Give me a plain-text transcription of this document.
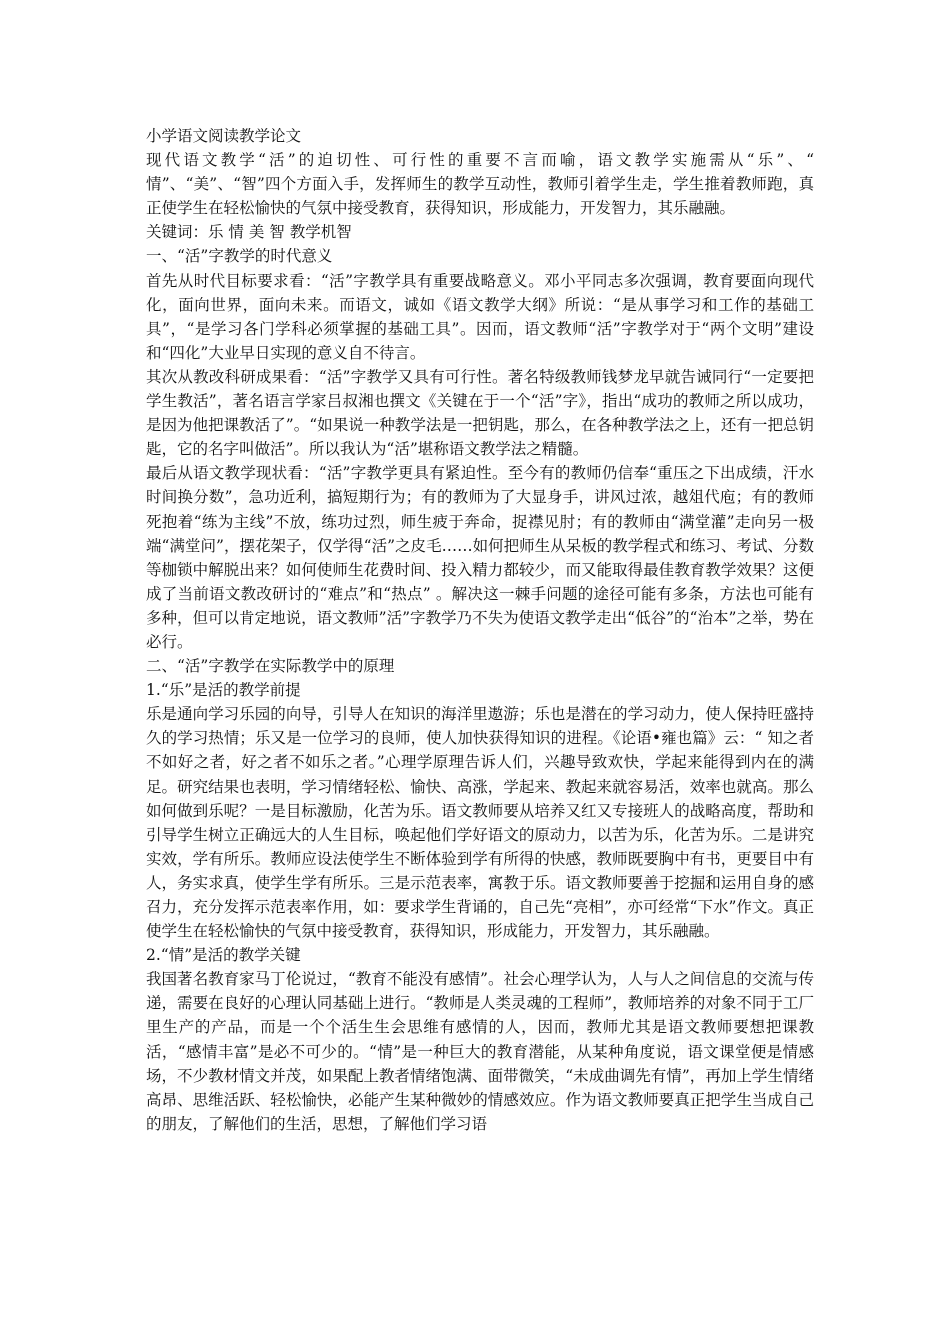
小学语文阅读教学论文

现代语文教学“活”的迫切性、可行性的重要不言而喻，语文教学实施需从“乐”、“ 情”、“美”、“智”四个方面入手，发挥师生的教学互动性，教师引着学生走，学生推着教师跑，真正使学生在轻松愉快的气氛中接受教育，获得知识，形成能力，开发智力，其乐融融。

关键词：乐 情 美 智 教学机智

一、“活”字教学的时代意义

首先从时代目标要求看：“活”字教学具有重要战略意义。邓小平同志多次强调，教育要面向现代化，面向世界，面向未来。而语文，诚如《语文教学大纲》所说：“是从事学习和工作的基础工具”，“是学习各门学科必须掌握的基础工具”。因而，语文教师“活”字教学对于“两个文明”建设和“四化”大业早日实现的意义自不待言。

其次从教改科研成果看：“活”字教学又具有可行性。著名特级教师钱梦龙早就告诫同行“一定要把学生教活”，著名语言学家吕叔湘也撰文《关键在于一个“活”字》，指出“成功的教师之所以成功，是因为他把课教活了”。“如果说一种教学法是一把钥匙，那么，在各种教学法之上，还有一把总钥匙，它的名字叫做活”。所以我认为“活”堪称语文教学法之精髓。

最后从语文教学现状看：“活”字教学更具有紧迫性。至今有的教师仍信奉“重压之下出成绩，汗水时间换分数”，急功近利，搞短期行为；有的教师为了大显身手，讲风过浓，越俎代庖；有的教师死抱着“练为主线”不放，练功过烈，师生疲于奔命，捉襟见肘；有的教师由“满堂灌”走向另一极端“满堂问”，摆花架子，仅学得“活”之皮毛……如何把师生从呆板的教学程式和练习、考试、分数等枷锁中解脱出来？如何使师生花费时间、投入精力都较少，而又能取得最佳教育教学效果？这便成了当前语文教改研讨的“难点”和“热点” 。解决这一棘手问题的途径可能有多条，方法也可能有多种，但可以肯定地说，语文教师”活”字教学乃不失为使语文教学走出“低谷”的“治本”之举，势在必行。

二、“活”字教学在实际教学中的原理

1.“乐”是活的教学前提

乐是通向学习乐园的向导，引导人在知识的海洋里遨游；乐也是潜在的学习动力，使人保持旺盛持久的学习热情；乐又是一位学习的良师，使人加快获得知识的进程。《论语•雍也篇》云：“ 知之者不如好之者，好之者不如乐之者。”心理学原理告诉人们，兴趣导致欢快，学起来能得到内在的满足。研究结果也表明，学习情绪轻松、愉快、高涨，学起来、教起来就容易活，效率也就高。那么如何做到乐呢？一是目标激励，化苦为乐。语文教师要从培养又红又专接班人的战略高度，帮助和引导学生树立正确远大的人生目标，唤起他们学好语文的原动力，以苦为乐，化苦为乐。二是讲究实效，学有所乐。教师应设法使学生不断体验到学有所得的快感，教师既要胸中有书，更要目中有人，务实求真，使学生学有所乐。三是示范表率，寓教于乐。语文教师要善于挖掘和运用自身的感召力，充分发挥示范表率作用，如：要求学生背诵的，自己先“亮相”，亦可经常“下水”作文。真正使学生在轻松愉快的气氛中接受教育，获得知识，形成能力，开发智力，其乐融融。

2.“情”是活的教学关键

我国著名教育家马丁伦说过，“教育不能没有感情”。社会心理学认为，人与人之间信息的交流与传递，需要在良好的心理认同基础上进行。“教师是人类灵魂的工程师”，教师培养的对象不同于工厂里生产的产品，而是一个个活生生会思维有感情的人，因而，教师尤其是语文教师要想把课教活，“感情丰富”是必不可少的。“情”是一种巨大的教育潜能，从某种角度说，语文课堂便是情感场，不少教材情文并茂，如果配上教者情绪饱满、面带微笑，“未成曲调先有情”，再加上学生情绪高昂、思维活跃、轻松愉快，必能产生某种微妙的情感效应。作为语文教师要真正把学生当成自己的朋友，了解他们的生活，思想，了解他们学习语
